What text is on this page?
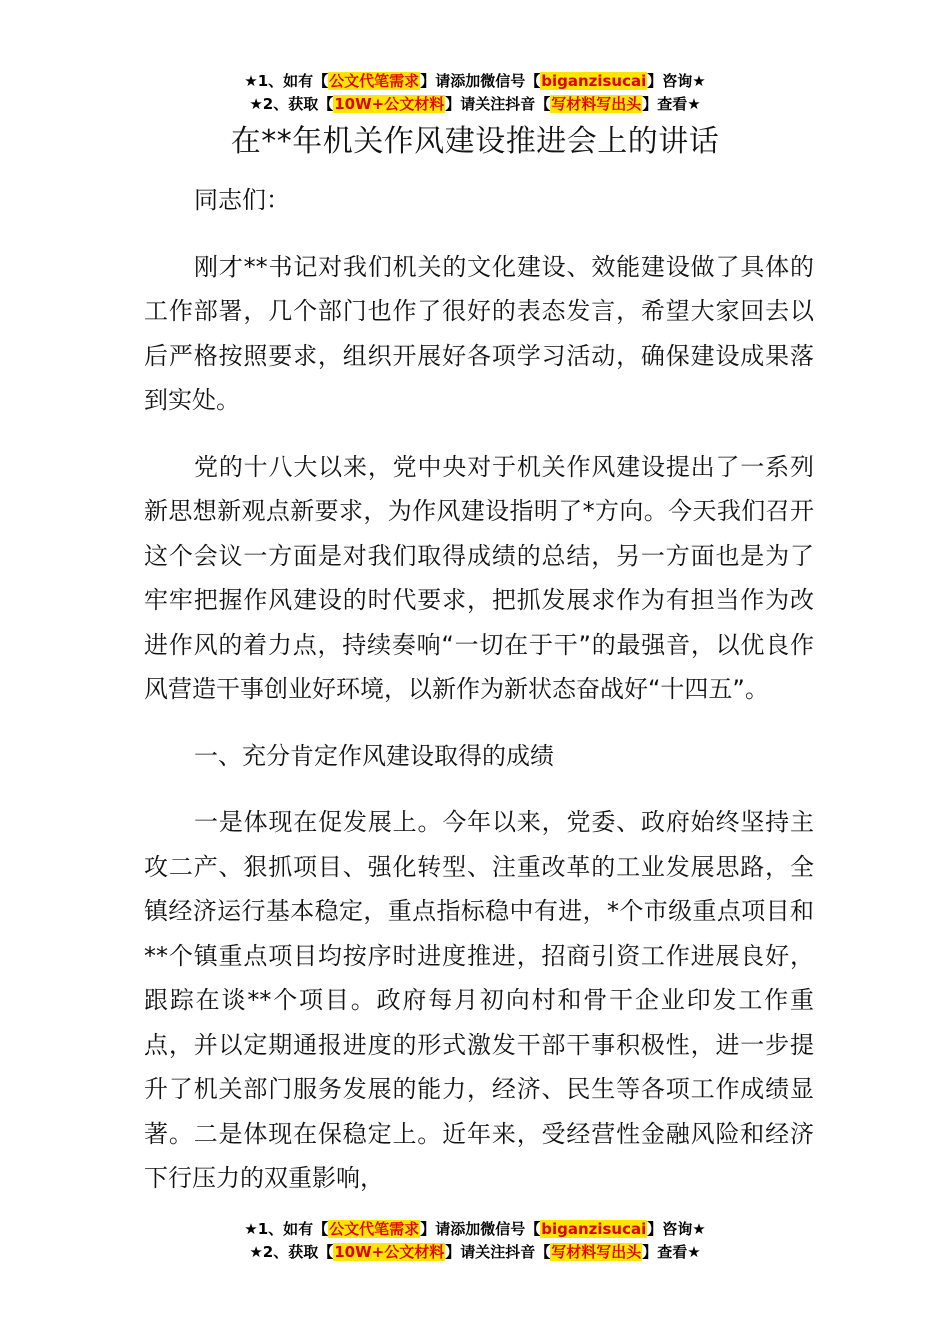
★1、如有【公文代笔需求】请添加微信号【biganzisucai】咨询★
★2、获取【10W+公文材料】请关注抖音【写材料写出头】查看★
在**年机关作风建设推进会上的讲话

同志们：

刚才**书记对我们机关的文化建设、效能建设做了具体的工作部署，几个部门也作了很好的表态发言，希望大家回去以后严格按照要求，组织开展好各项学习活动，确保建设成果落到实处。

党的十八大以来，党中央对于机关作风建设提出了一系列新思想新观点新要求，为作风建设指明了*方向。今天我们召开这个会议一方面是对我们取得成绩的总结，另一方面也是为了牢牢把握作风建设的时代要求，把抓发展求作为有担当作为改进作风的着力点，持续奏响“一切在于干”的最强音，以优良作风营造干事创业好环境，以新作为新状态奋战好“十四五”。

一、充分肯定作风建设取得的成绩

一是体现在促发展上。今年以来，党委、政府始终坚持主攻二产、狠抓项目、强化转型、注重改革的工业发展思路，全镇经济运行基本稳定，重点指标稳中有进，*个市级重点项目和**个镇重点项目均按序时进度推进，招商引资工作进展良好，跟踪在谈**个项目。政府每月初向村和骨干企业印发工作重点，并以定期通报进度的形式激发干部干事积极性，进一步提升了机关部门服务发展的能力，经济、民生等各项工作成绩显著。二是体现在保稳定上。近年来，受经营性金融风险和经济下行压力的双重影响，

★1、如有【公文代笔需求】请添加微信号【biganzisucai】咨询★
★2、获取【10W+公文材料】请关注抖音【写材料写出头】查看★
